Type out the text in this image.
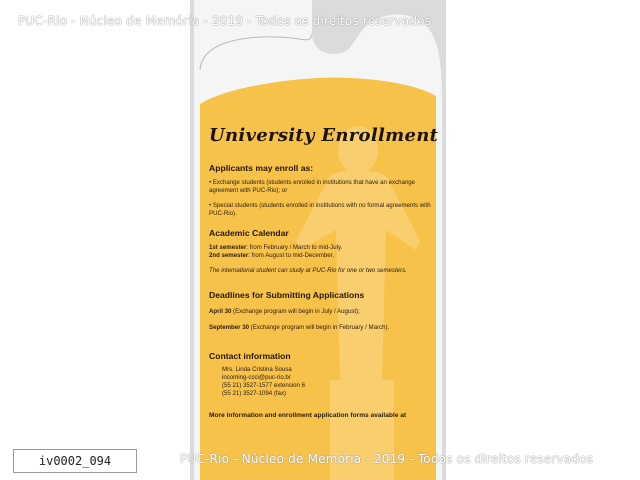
University Enrollment

Applicants may enroll as:

• Exchange students (students enrolled in institutions that have an exchange agreement with PUC-Rio); or

• Special students (students enrolled in institutions with no formal agreements with PUC-Rio).

Academic Calendar

1st semester: from February / March to mid-July.

2nd semester: from August to mid-December.

The international student can study at PUC-Rio for one or two semesters.

Deadlines for Submitting Applications

April 30 (Exchange program will begin in July / August);

September 30 (Exchange program will begin in February / March).

Contact information

Mrs. Linda Cristina Sousa

incoming-ccci@puc-rio.br

(55 21) 3527-1577 extension 6

(55 21) 3527-1094 (fax)

More information and enrollment application forms available at

PUC-Rio - Núcleo de Memória - 2019 - Todos os direitos reservados
PUC-Rio - Núcleo de Memória - 2019 - Todos os direitos reservados
iv0002_094
